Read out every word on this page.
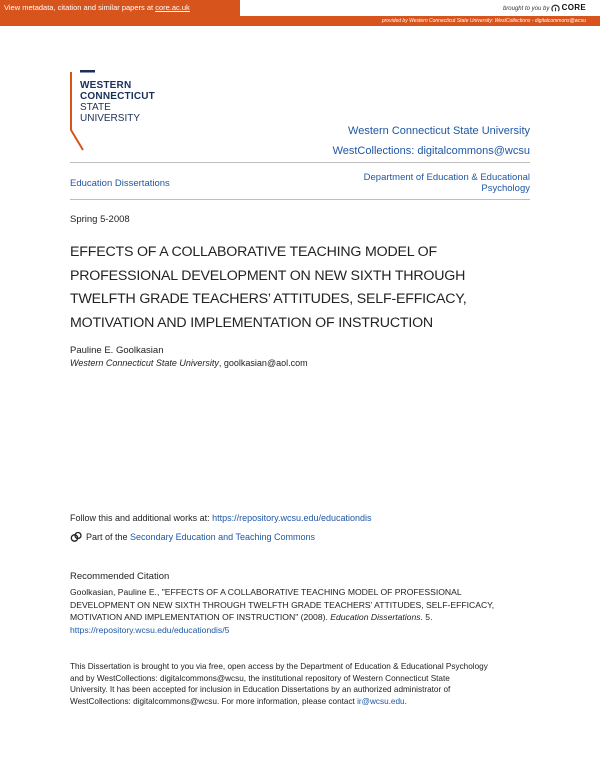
View metadata, citation and similar papers at core.ac.uk	brought to you by CORE
provided by Western Connecticut State University: WestCollections - digitalcommons@wcsu
WESTERN
CONNECTICUT
STATE
UNIVERSITY
Western Connecticut State University
WestCollections: digitalcommons@wcsu
Education Dissertations
Department of Education & Educational
Psychology
Spring 5-2008
EFFECTS OF A COLLABORATIVE TEACHING MODEL OF
PROFESSIONAL DEVELOPMENT ON NEW SIXTH THROUGH
TWELFTH GRADE TEACHERS’ ATTITUDES, SELF-EFFICACY,
MOTIVATION AND IMPLEMENTATION OF INSTRUCTION
Pauline E. Goolkasian
Western Connecticut State University, goolkasian@aol.com
Follow this and additional works at: https://repository.wcsu.edu/educationdis
Part of the
Secondary Education and Teaching Commons
Recommended Citation
Goolkasian, Pauline E., "EFFECTS OF A COLLABORATIVE TEACHING MODEL OF PROFESSIONAL
DEVELOPMENT ON NEW SIXTH THROUGH TWELFTH GRADE TEACHERS’ ATTITUDES, SELF-EFFICACY,
MOTIVATION AND IMPLEMENTATION OF INSTRUCTION" (2008). Education Dissertations. 5.
https://repository.wcsu.edu/educationdis/5
This Dissertation is brought to you via free, open access by the Department of Education & Educational Psychology
and by WestCollections: digitalcommons@wcsu, the institutional repository of Western Connecticut State
University. It has been accepted for inclusion in Education Dissertations by an authorized administrator of
WestCollections: digitalcommons@wcsu. For more information, please contact ir@wcsu.edu.
